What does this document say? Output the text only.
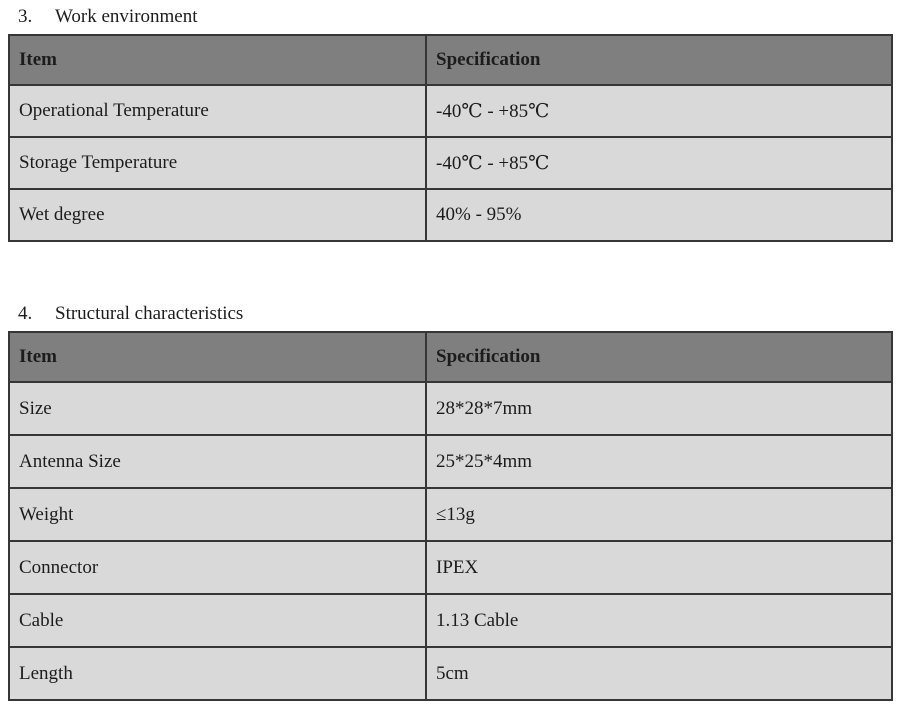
3.	Work environment
Item	Specification
Operational Temperature	-40℃ - +85℃
Storage Temperature	-40℃ - +85℃
Wet degree	40% - 95%
4.	Structural characteristics
Item	Specification
Size	28*28*7mm
Antenna Size	25*25*4mm
Weight	≤13g
Connector	IPEX
Cable	1.13 Cable
Length	5cm
